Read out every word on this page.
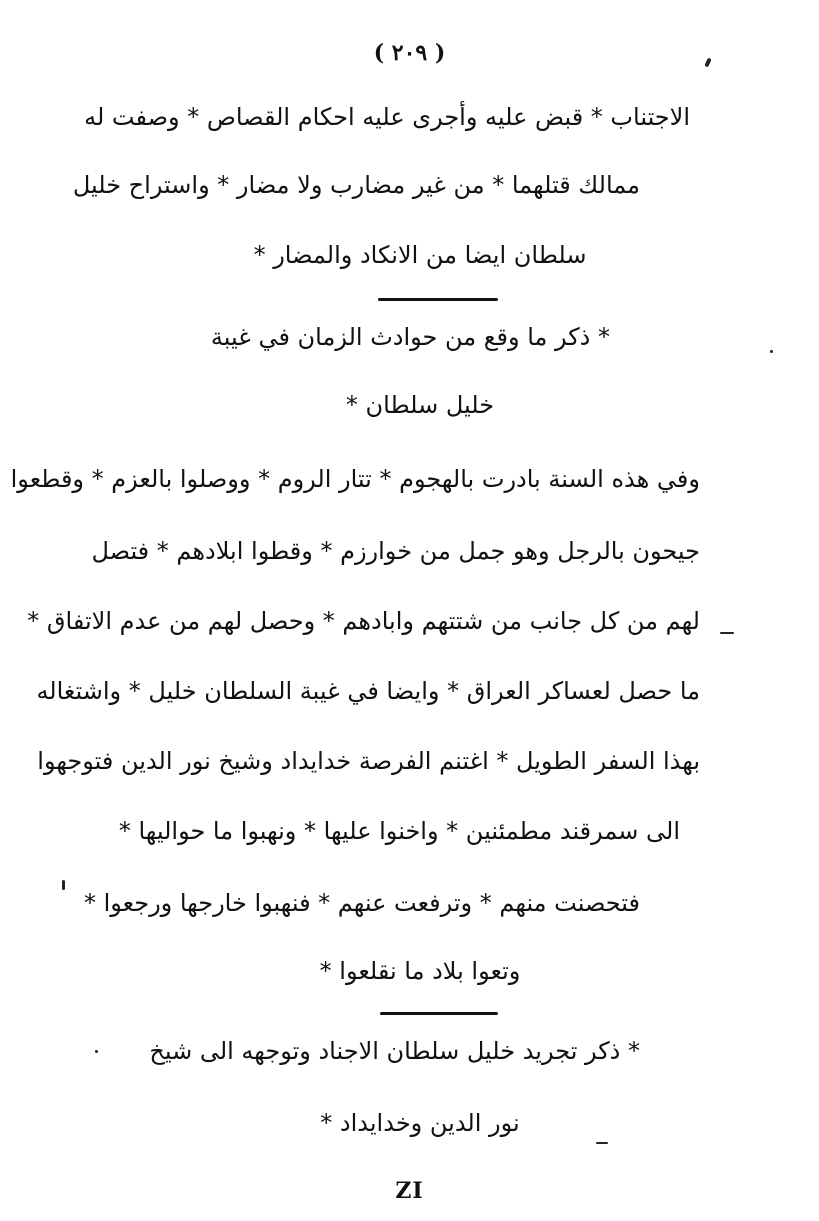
( ٢٠٩ )
الاجتناب * قبض عليه وأجرى عليه احكام القصاص * وصفت له
ممالك قتلهما * من غير مضارب ولا مضار * واستراح خليل
سلطان ايضا من الانكاد والمضار *
* ذكر ما وقع من حوادث الزمان في غيبة
خليل سلطان *
وفي هذه السنة بادرت بالهجوم * تتار الروم * ووصلوا بالعزم * وقطعوا
جيحون بالرجل وهو جمل من خوارزم * وقطوا ابلادهم * فتصل
لهم من كل جانب من شتتهم وابادهم * وحصل لهم من عدم الاتفاق *
ما حصل لعساكر العراق * وايضا في غيبة السلطان خليل * واشتغاله
بهذا السفر الطويل * اغتنم الفرصة خدايداد وشيخ نور الدين فتوجهوا
الى سمرقند مطمئنين * واخنوا عليها * ونهبوا ما حواليها *
فتحصنت منهم * وترفعت عنهم * فنهبوا خارجها ورجعوا *
وتعوا بلاد ما نقلعوا *
* ذكر تجريد خليل سلطان الاجناد وتوجهه الى شيخ
نور الدين وخدايداد *
ZI
